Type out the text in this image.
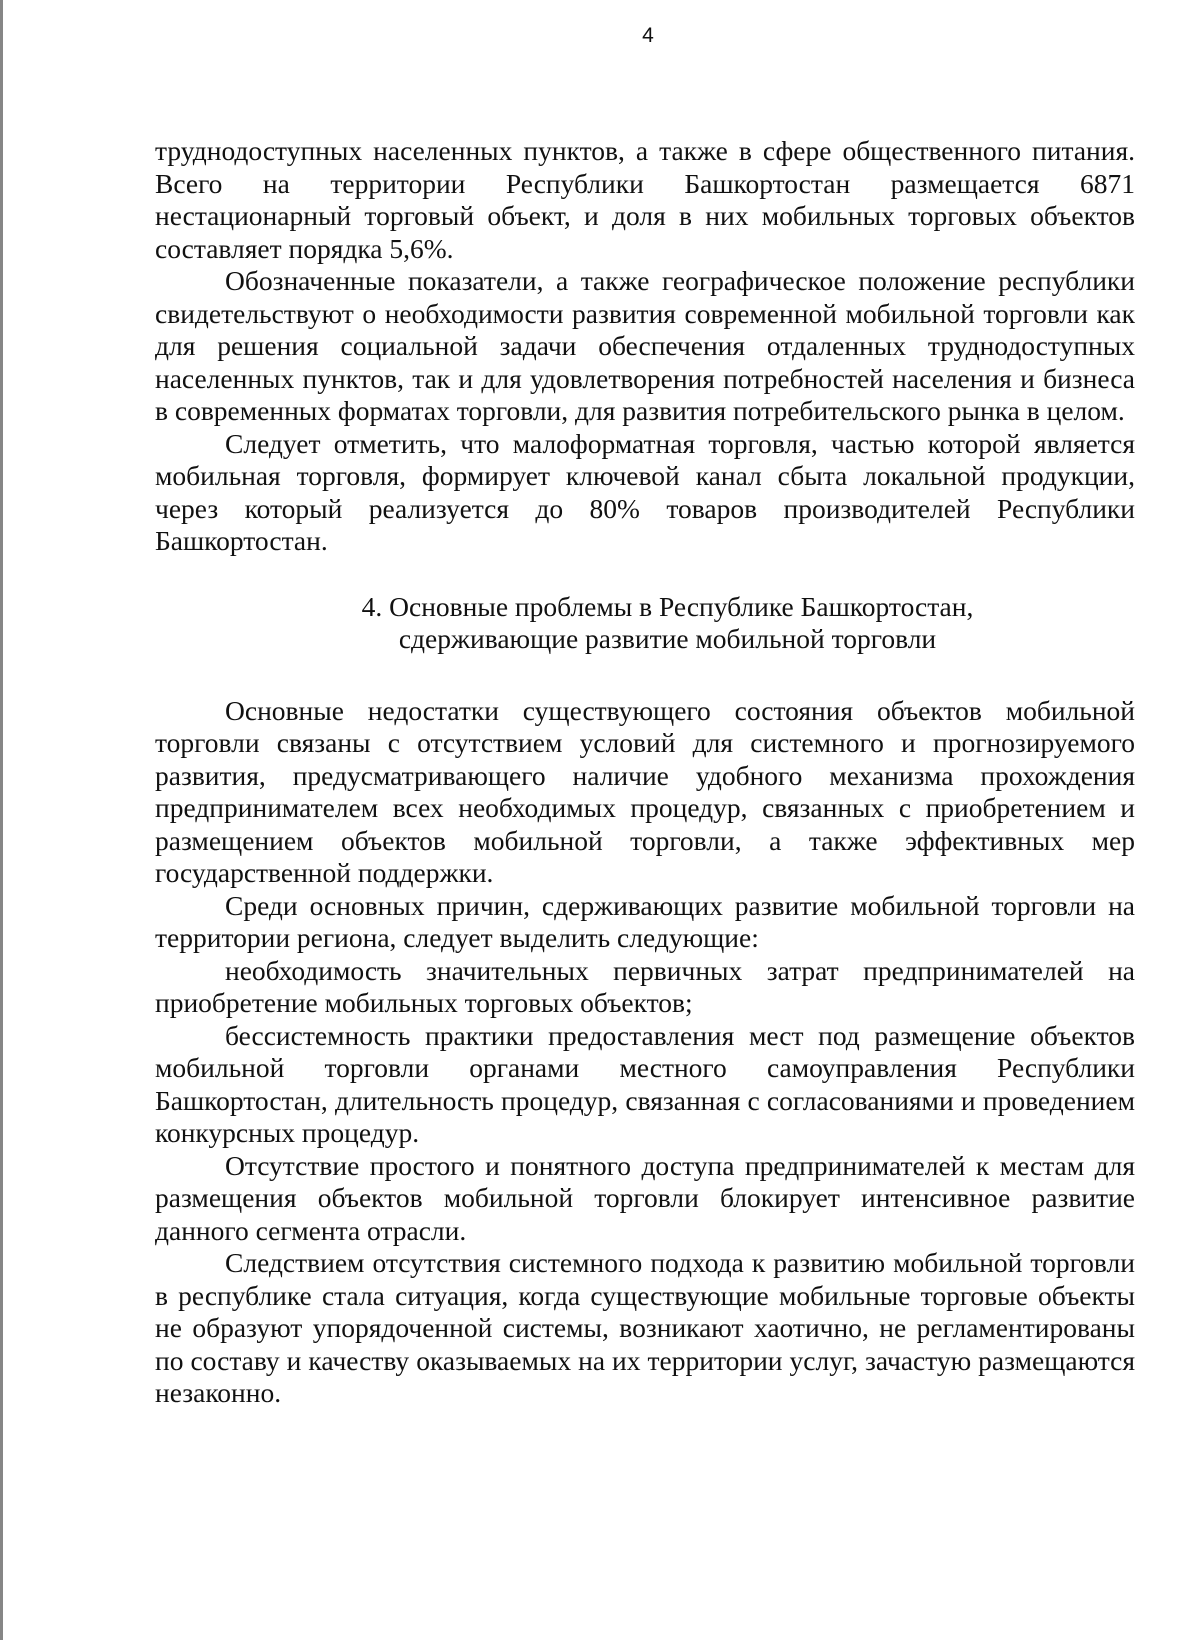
4

труднодоступных населенных пунктов, а также в сфере общественного питания. Всего на территории Республики Башкортостан размещается 6871 нестационарный торговый объект, и доля в них мобильных торговых объектов составляет порядка 5,6%.

Обозначенные показатели, а также географическое положение республики свидетельствуют о необходимости развития современной мобильной торговли как для решения социальной задачи обеспечения отдаленных труднодоступных населенных пунктов, так и для удовлетворения потребностей населения и бизнеса в современных форматах торговли, для развития потребительского рынка в целом.

Следует отметить, что малоформатная торговля, частью которой является мобильная торговля, формирует ключевой канал сбыта локальной продукции, через который реализуется до 80% товаров производителей Республики Башкортостан.

4. Основные проблемы в Республике Башкортостан,
сдерживающие развитие мобильной торговли

Основные недостатки существующего состояния объектов мобильной торговли связаны с отсутствием условий для системного и прогнозируемого развития, предусматривающего наличие удобного механизма прохождения предпринимателем всех необходимых процедур, связанных с приобретением и размещением объектов мобильной торговли, а также эффективных мер государственной поддержки.

Среди основных причин, сдерживающих развитие мобильной торговли на территории региона, следует выделить следующие:

необходимость значительных первичных затрат предпринимателей на приобретение мобильных торговых объектов;

бессистемность практики предоставления мест под размещение объектов мобильной торговли органами местного самоуправления Республики Башкортостан, длительность процедур, связанная с согласованиями и проведением конкурсных процедур.

Отсутствие простого и понятного доступа предпринимателей к местам для размещения объектов мобильной торговли блокирует интенсивное развитие данного сегмента отрасли.

Следствием отсутствия системного подхода к развитию мобильной торговли в республике стала ситуация, когда существующие мобильные торговые объекты не образуют упорядоченной системы, возникают хаотично, не регламентированы по составу и качеству оказываемых на их территории услуг, зачастую размещаются незаконно.
